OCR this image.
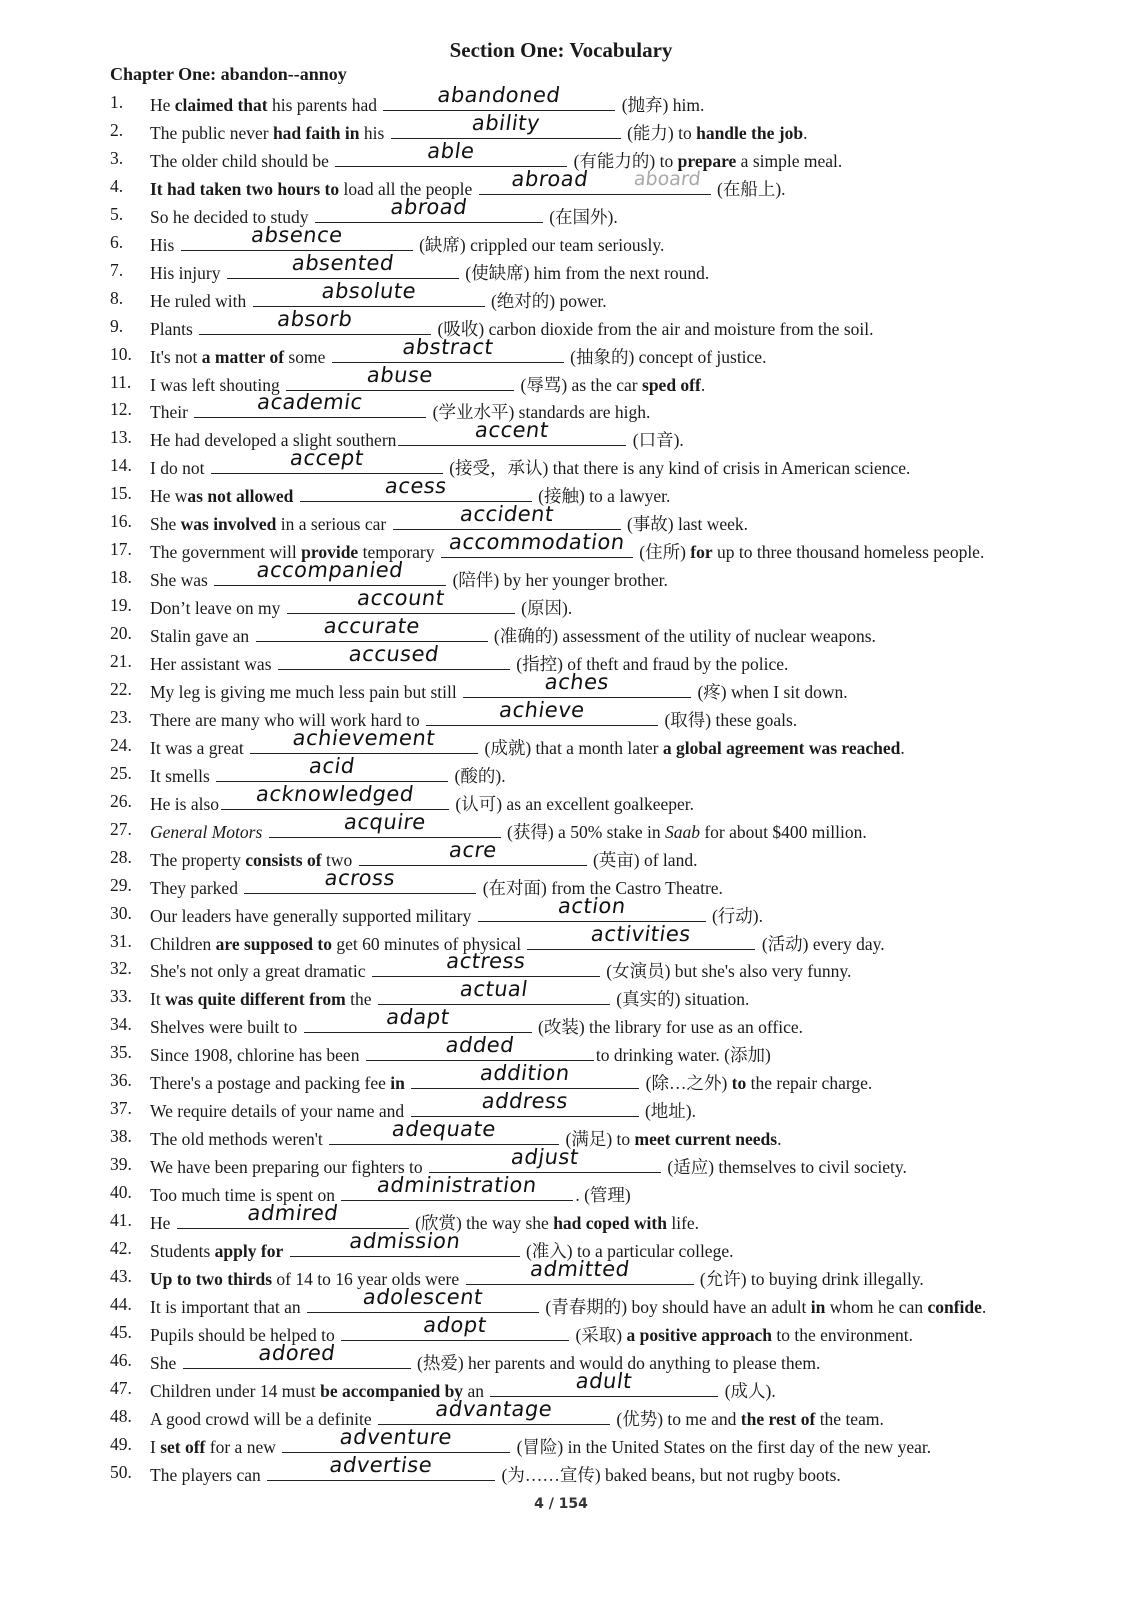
Section One: Vocabulary
Chapter One: abandon--annoy
1.	He claimed that his parents had	abandoned	(抛弃) him.
2.	The public never had faith in his	ability	(能力) to handle the job.
3.	The older child should be	able	(有能力的) to prepare a simple meal.
4.	It had taken two hours to load all the people	abroad	aboard (在船上).
5.	So he decided to study	abroad	(在国外).
6.	His	absence	(缺席) crippled our team seriously.
7.	His injury	absented	(使缺席) him from the next round.
8.	He ruled with	absolute	(绝对的) power.
9.	Plants	absorb	(吸收) carbon dioxide from the air and moisture from the soil.
10.	It's not a matter of some	abstract	(抽象的) concept of justice.
11.	I was left shouting	abuse	(辱骂) as the car sped off.
12.	Their	academic	(学业水平) standards are high.
13.	He had developed a slight southern	accent	(口音).
14.	I do not	accept	(接受，承认) that there is any kind of crisis in American science.
15.	He was not allowed	acess	(接触) to a lawyer.
16.	She was involved in a serious car	accident	(事故) last week.
17.	The government will provide temporary accommodation (住所) for up to three thousand homeless people.
18.	She was	accompanied	(陪伴) by her younger brother.
19.	Don’t leave on my	account	(原因).
20.	Stalin gave an	accurate	(准确的) assessment of the utility of nuclear weapons.
21.	Her assistant was	accused	(指控) of theft and fraud by the police.
22.	My leg is giving me much less pain but still	aches	(疼) when I sit down.
23.	There are many who will work hard to	achieve	(取得) these goals.
24.	It was a great	achievement	(成就) that a month later a global agreement was reached.
25.	It smells	acid	(酸的).
26.	He is also	acknowledged	(认可) as an excellent goalkeeper.
27.	General Motors	acquire	(获得) a 50% stake in Saab for about $400 million.
28.	The property consists of two	acre	(英亩) of land.
29.	They parked	across	(在对面) from the Castro Theatre.
30.	Our leaders have generally supported military	action	(行动).
31.	Children are supposed to get 60 minutes of physical	activities	(活动) every day.
32.	She's not only a great dramatic	actress	(女演员) but she's also very funny.
33.	It was quite different from the	actual	(真实的) situation.
34.	Shelves were built to	adapt	(改装) the library for use as an office.
35.	Since 1908, chlorine has been	added	to drinking water. (添加)
36.	There's a postage and packing fee in	addition	(除…之外) to the repair charge.
37.	We require details of your name and	address	(地址).
38.	The old methods weren't	adequate	(满足) to meet current needs.
39.	We have been preparing our fighters to	adjust	(适应) themselves to civil society.
40.	Too much time is spent on	administration	. (管理)
41.	He	admired	(欣赏) the way she had coped with life.
42.	Students apply for	admission	(准入) to a particular college.
43.	Up to two thirds of 14 to 16 year olds were	admitted	(允许) to buying drink illegally.
44.	It is important that an	adolescent	(青春期的) boy should have an adult in whom he can confide.
45.	Pupils should be helped to	adopt	(采取) a positive approach to the environment.
46.	She	adored	(热爱) her parents and would do anything to please them.
47.	Children under 14 must be accompanied by an	adult	(成人).
48.	A good crowd will be a definite	advantage	(优势) to me and the rest of the team.
49.	I set off for a new	adventure	(冒险) in the United States on the first day of the new year.
50.	The players can	advertise	(为……宣传) baked beans, but not rugby boots.
4 / 154
